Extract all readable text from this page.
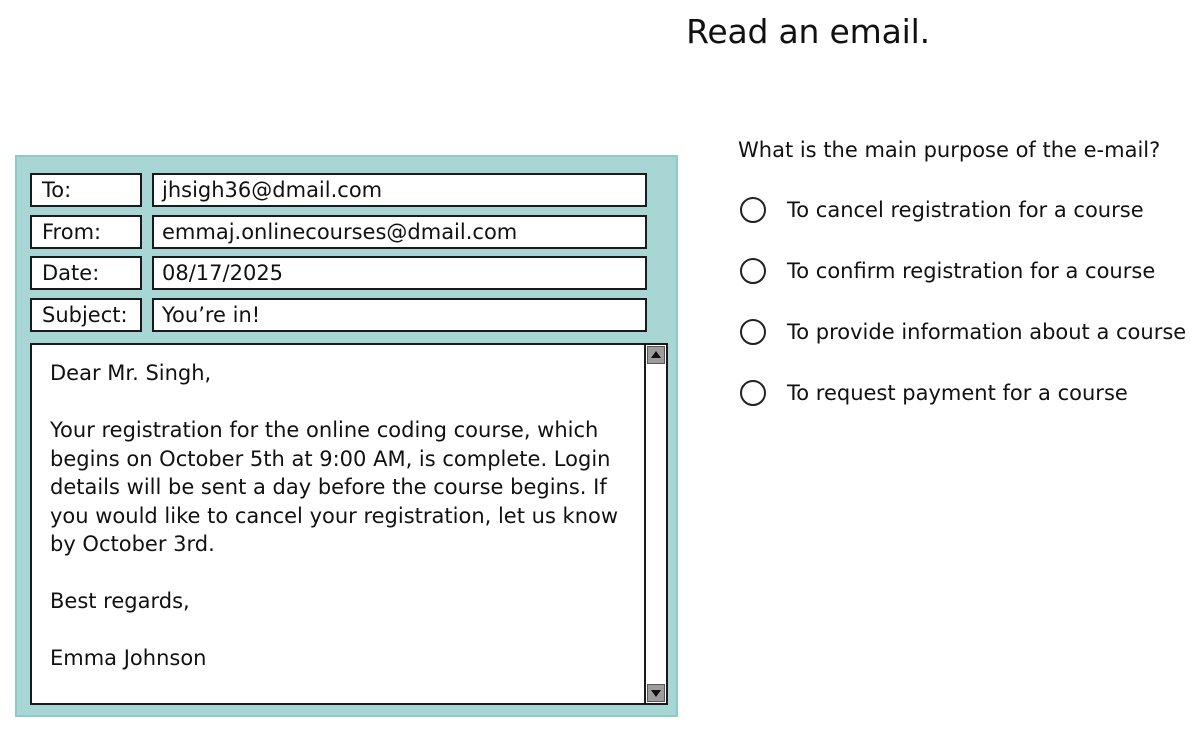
Read an email.
To:	jhsigh36@dmail.com
From:	emmaj.onlinecourses@dmail.com
Date:	08/17/2025
Subject:	You’re in!

Dear Mr. Singh,

Your registration for the online coding course, which begins on October 5th at 9:00 AM, is complete. Login details will be sent a day before the course begins. If you would like to cancel your registration, let us know by October 3rd.

Best regards,

Emma Johnson

What is the main purpose of the e-mail?
To cancel registration for a course
To confirm registration for a course
To provide information about a course
To request payment for a course
